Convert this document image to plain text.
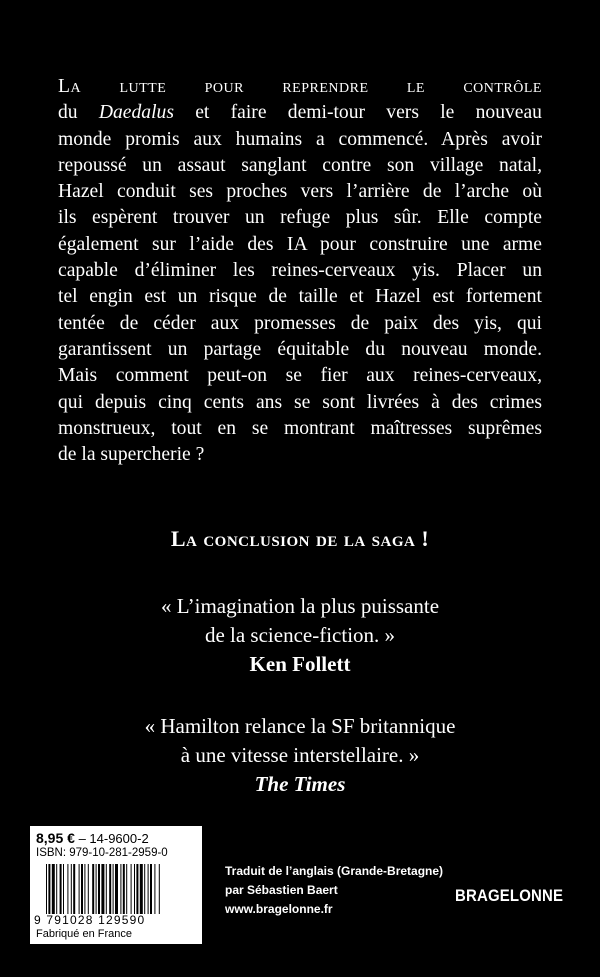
La lutte pour reprendre le contrôle
du Daedalus et faire demi-tour vers le nouveau
monde promis aux humains a commencé. Après avoir
repoussé un assaut sanglant contre son village natal,
Hazel conduit ses proches vers l’arrière de l’arche où
ils espèrent trouver un refuge plus sûr. Elle compte
également sur l’aide des IA pour construire une arme
capable d’éliminer les reines-cerveaux yis. Placer un
tel engin est un risque de taille et Hazel est fortement
tentée de céder aux promesses de paix des yis, qui
garantissent un partage équitable du nouveau monde.
Mais comment peut-on se fier aux reines-cerveaux,
qui depuis cinq cents ans se sont livrées à des crimes
monstrueux, tout en se montrant maîtresses suprêmes
de la supercherie ?
La conclusion de la saga !
« L’imagination la plus puissante
de la science-fiction. »
Ken Follett
« Hamilton relance la SF britannique
à une vitesse interstellaire. »
The Times
8,95 € – 14-9600-2
ISBN: 979-10-281-2959-0
9 791028 129590
Fabriqué en France
Traduit de l’anglais (Grande-Bretagne)
par Sébastien Baert
www.bragelonne.fr
BRAGELONNE
